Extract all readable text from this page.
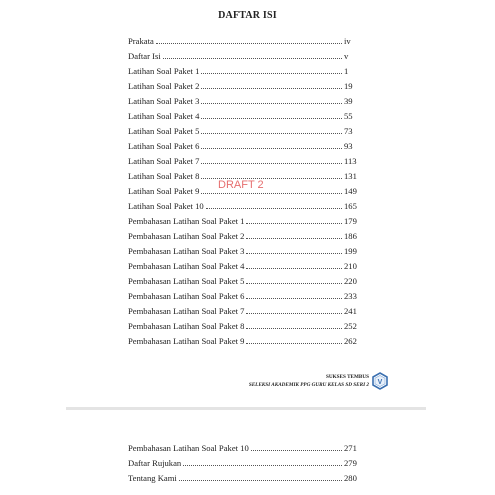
DAFTAR ISI
Prakata	iv
Daftar Isi	v
Latihan Soal Paket 1	1
Latihan Soal Paket 2	19
Latihan Soal Paket 3	39
Latihan Soal Paket 4	55
Latihan Soal Paket 5	73
Latihan Soal Paket 6	93
Latihan Soal Paket 7	113
Latihan Soal Paket 8	131
Latihan Soal Paket 9	149
Latihan Soal Paket 10	165
Pembahasan Latihan Soal Paket 1	179
Pembahasan Latihan Soal Paket 2	186
Pembahasan Latihan Soal Paket 3	199
Pembahasan Latihan Soal Paket 4	210
Pembahasan Latihan Soal Paket 5	220
Pembahasan Latihan Soal Paket 6	233
Pembahasan Latihan Soal Paket 7	241
Pembahasan Latihan Soal Paket 8	252
Pembahasan Latihan Soal Paket 9	262
DRAFT 2
SUKSES TEMBUS
SELEKSI AKADEMIK PPG GURU KELAS SD SERI 2 V
Pembahasan Latihan Soal Paket 10	271
Daftar Rujukan	279
Tentang Kami	280
